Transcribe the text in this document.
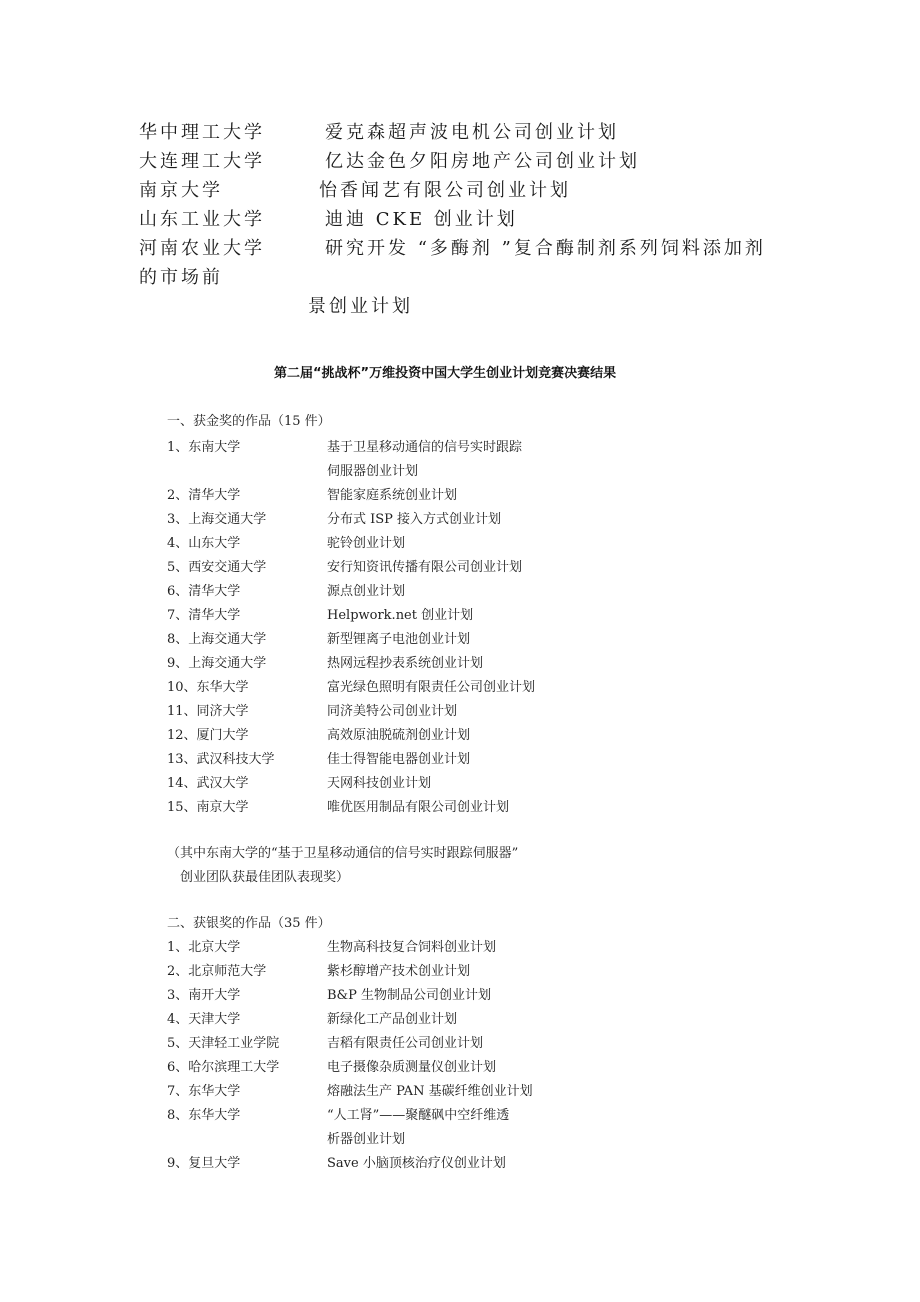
华中理工大学	爱克森超声波电机公司创业计划
大连理工大学	亿达金色夕阳房地产公司创业计划
南京大学	怡香闻艺有限公司创业计划
山东工业大学	迪迪 CKE 创业计划
河南农业大学	研究开发 “多酶剂 ”复合酶制剂系列饲料添加剂
的市场前
景创业计划
第二届“挑战杯”万维投资中国大学生创业计划竞赛决赛结果
一、获金奖的作品（15 件）
1、东南大学	基于卫星移动通信的信号实时跟踪
伺服器创业计划
2、清华大学	智能家庭系统创业计划
3、上海交通大学	分布式 ISP 接入方式创业计划
4、山东大学	驼铃创业计划
5、西安交通大学	安行知资讯传播有限公司创业计划
6、清华大学	源点创业计划
7、清华大学	Helpwork.net 创业计划
8、上海交通大学	新型锂离子电池创业计划
9、上海交通大学	热网远程抄表系统创业计划
10、东华大学	富光绿色照明有限责任公司创业计划
11、同济大学	同济美特公司创业计划
12、厦门大学	高效原油脱硫剂创业计划
13、武汉科技大学	佳士得智能电器创业计划
14、武汉大学	天网科技创业计划
15、南京大学	唯优医用制品有限公司创业计划
（其中东南大学的“基于卫星移动通信的信号实时跟踪伺服器”
创业团队获最佳团队表现奖）
二、获银奖的作品（35 件）
1、北京大学	生物高科技复合饲料创业计划
2、北京师范大学	紫杉醇增产技术创业计划
3、南开大学	B&P 生物制品公司创业计划
4、天津大学	新绿化工产品创业计划
5、天津轻工业学院	吉稻有限责任公司创业计划
6、哈尔滨理工大学	电子摄像杂质测量仪创业计划
7、东华大学	熔融法生产 PAN 基碳纤维创业计划
8、东华大学	“人工肾”——聚醚砜中空纤维透
析器创业计划
9、复旦大学	Save 小脑顶核治疗仪创业计划
